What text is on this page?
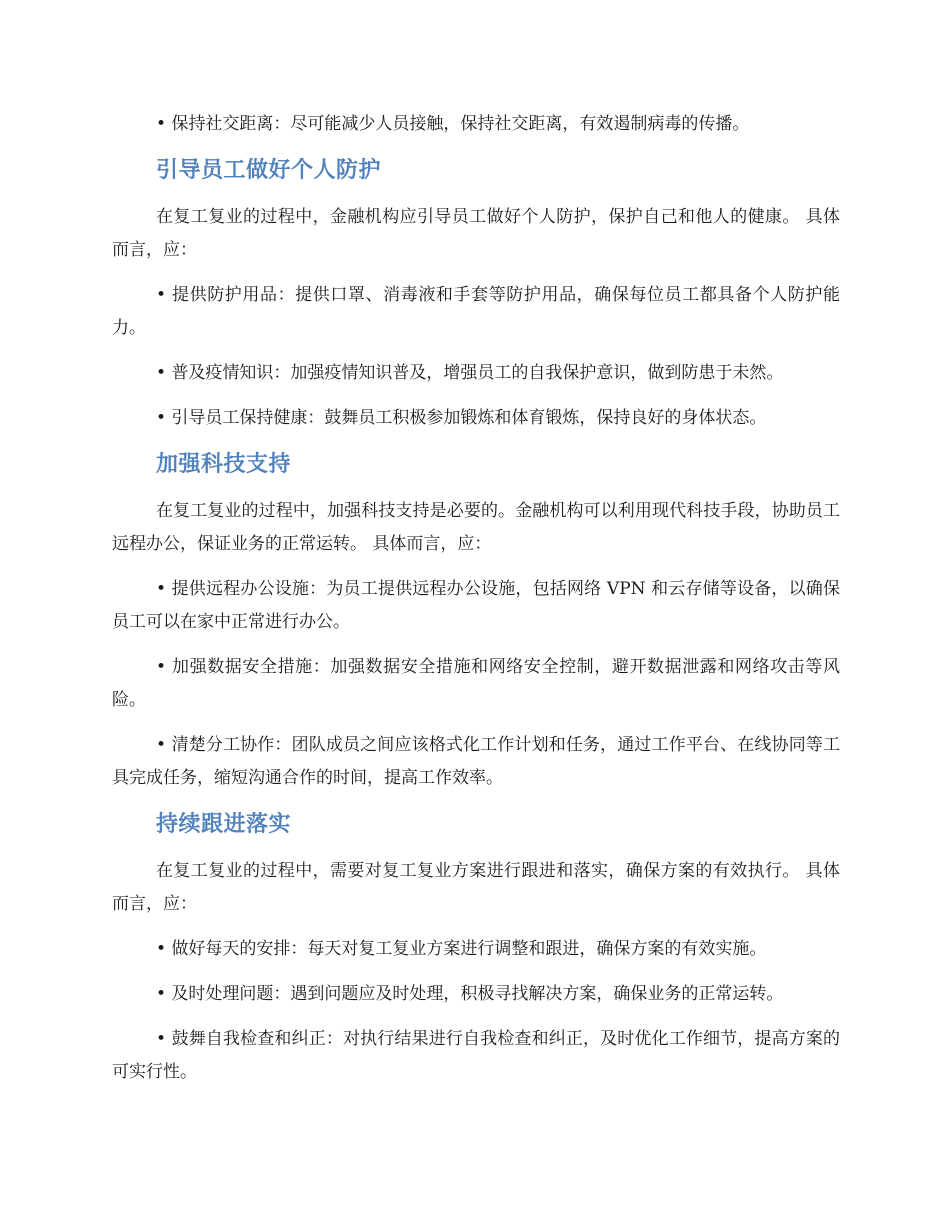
• 保持社交距离：尽可能减少人员接触，保持社交距离，有效遏制病毒的传播。

引导员工做好个人防护

在复工复业的过程中，金融机构应引导员工做好个人防护，保护自己和他人的健康。 具体而言，应：

• 提供防护用品：提供口罩、消毒液和手套等防护用品，确保每位员工都具备个人防护能力。

• 普及疫情知识：加强疫情知识普及，增强员工的自我保护意识，做到防患于未然。

• 引导员工保持健康：鼓舞员工积极参加锻炼和体育锻炼，保持良好的身体状态。

加强科技支持

在复工复业的过程中，加强科技支持是必要的。金融机构可以利用现代科技手段，协助员工远程办公，保证业务的正常运转。 具体而言，应：

• 提供远程办公设施：为员工提供远程办公设施，包括网络 VPN 和云存储等设备，以确保员工可以在家中正常进行办公。

• 加强数据安全措施：加强数据安全措施和网络安全控制，避开数据泄露和网络攻击等风险。

• 清楚分工协作：团队成员之间应该格式化工作计划和任务，通过工作平台、在线协同等工具完成任务，缩短沟通合作的时间，提高工作效率。

持续跟进落实

在复工复业的过程中，需要对复工复业方案进行跟进和落实，确保方案的有效执行。 具体而言，应：

• 做好每天的安排：每天对复工复业方案进行调整和跟进，确保方案的有效实施。

• 及时处理问题：遇到问题应及时处理，积极寻找解决方案，确保业务的正常运转。

• 鼓舞自我检查和纠正：对执行结果进行自我检查和纠正，及时优化工作细节，提高方案的可实行性。
